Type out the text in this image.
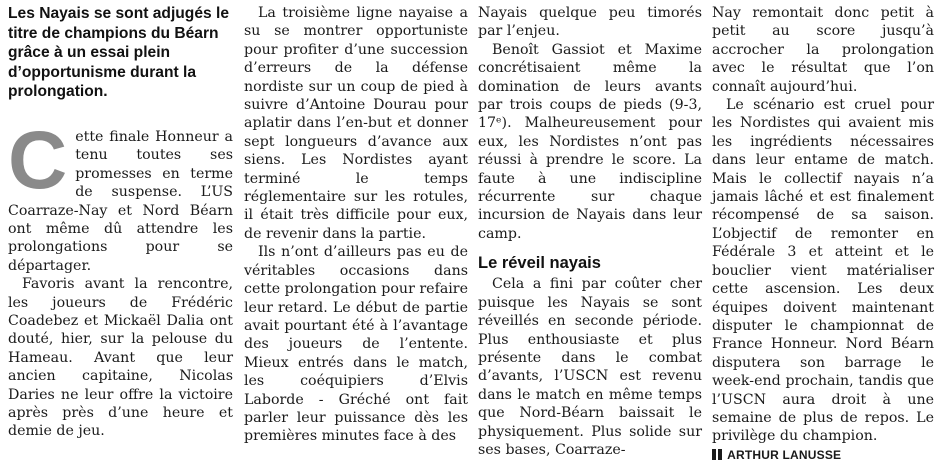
Les Nayais se sont adjugés le titre de champions du Béarn grâce à un essai plein d’opportunisme durant la prolongation.

Cette finale Honneur a tenu toutes ses promesses en terme de suspense. L’US Coarraze-Nay et Nord Béarn ont même dû attendre les prolongations pour se départager.

Favoris avant la rencontre, les joueurs de Frédéric Coadebez et Mickaël Dalia ont douté, hier, sur la pelouse du Hameau. Avant que leur ancien capitaine, Nicolas Daries ne leur offre la victoire après près d’une heure et demie de jeu.

La troisième ligne nayaise a su se montrer opportuniste pour profiter d’une succession d’erreurs de la défense nordiste sur un coup de pied à suivre d’Antoine Dourau pour aplatir dans l’en-but et donner sept longueurs d’avance aux siens. Les Nordistes ayant terminé le temps réglementaire sur les rotules, il était très difficile pour eux, de revenir dans la partie.

Ils n’ont d’ailleurs pas eu de véritables occasions dans cette prolongation pour refaire leur retard. Le début de partie avait pourtant été à l’avantage des joueurs de l’entente. Mieux entrés dans le match, les coéquipiers d’Elvis Laborde - Gréché ont fait parler leur puissance dès les premières minutes face à des

Nayais quelque peu timorés par l’enjeu.

Benoît Gassiot et Maxime concrétisaient même la domination de leurs avants par trois coups de pieds (9-3, 17ᵉ). Malheureusement pour eux, les Nordistes n’ont pas réussi à prendre le score. La faute à une indiscipline récurrente sur chaque incursion de Nayais dans leur camp.

Le réveil nayais

Cela a fini par coûter cher puisque les Nayais se sont réveillés en seconde période. Plus enthousiaste et plus présente dans le combat d’avants, l’USCN est revenu dans le match en même temps que Nord-Béarn baissait le physiquement. Plus solide sur ses bases, Coarraze-

Nay remontait donc petit à petit au score jusqu’à accrocher la prolongation avec le résultat que l’on connaît aujourd’hui.

Le scénario est cruel pour les Nordistes qui avaient mis les ingrédients nécessaires dans leur entame de match. Mais le collectif nayais n’a jamais lâché et est finalement récompensé de sa saison. L’objectif de remonter en Fédérale 3 et atteint et le bouclier vient matérialiser cette ascension. Les deux équipes doivent maintenant disputer le championnat de France Honneur. Nord Béarn disputera son barrage le week-end prochain, tandis que l’USCN aura droit à une semaine de plus de repos. Le privilège du champion.

ARTHUR LANUSSE
